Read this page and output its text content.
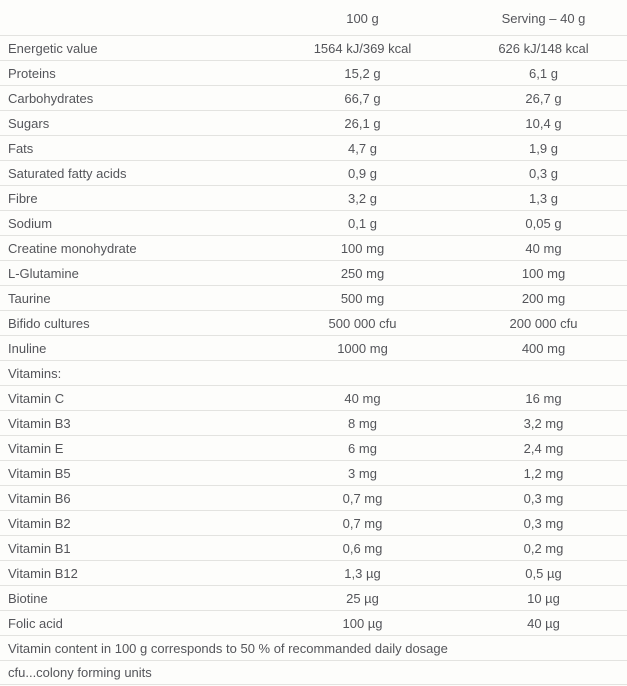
100 g	Serving – 40 g
Energetic value	1564 kJ/369 kcal	626 kJ/148 kcal
Proteins	15,2 g	6,1 g
Carbohydrates	66,7 g	26,7 g
Sugars	26,1 g	10,4 g
Fats	4,7 g	1,9 g
Saturated fatty acids	0,9 g	0,3 g
Fibre	3,2 g	1,3 g
Sodium	0,1 g	0,05 g
Creatine monohydrate	100 mg	40 mg
L-Glutamine	250 mg	100 mg
Taurine	500 mg	200 mg
Bifido cultures	500 000 cfu	200 000 cfu
Inuline	1000 mg	400 mg
Vitamins:
Vitamin C	40 mg	16 mg
Vitamin B3	8 mg	3,2 mg
Vitamin E	6 mg	2,4 mg
Vitamin B5	3 mg	1,2 mg
Vitamin B6	0,7 mg	0,3 mg
Vitamin B2	0,7 mg	0,3 mg
Vitamin B1	0,6 mg	0,2 mg
Vitamin B12	1,3 µg	0,5 µg
Biotine	25 µg	10 µg
Folic acid	100 µg	40 µg
Vitamin content in 100 g corresponds to 50 % of recommanded daily dosage
cfu...colony forming units
